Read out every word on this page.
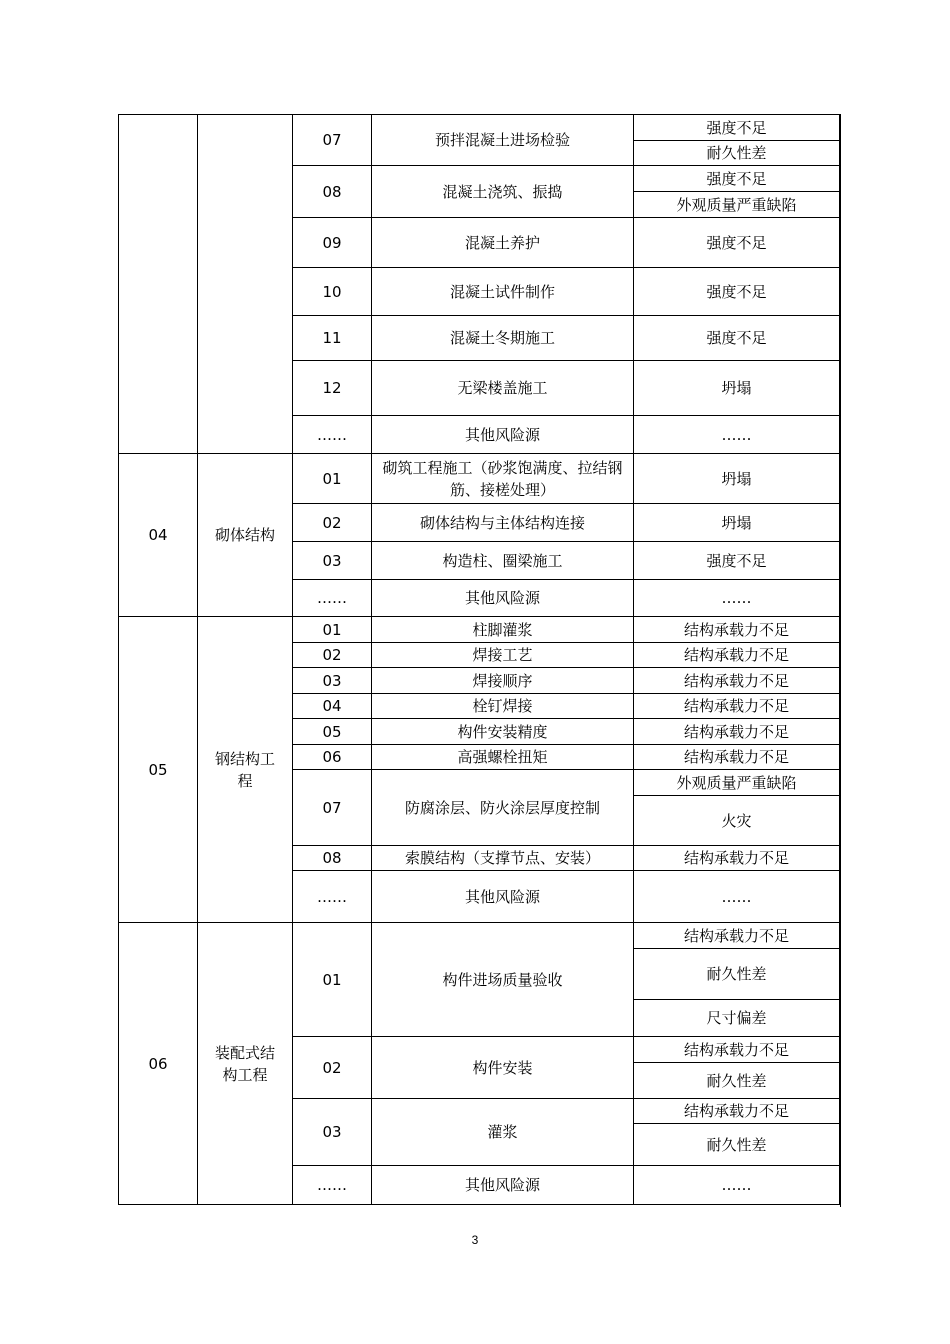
		07	预拌混凝土进场检验	强度不足
				耐久性差
		08	混凝土浇筑、振捣	强度不足
				外观质量严重缺陷
		09	混凝土养护	强度不足
		10	混凝土试件制作	强度不足
		11	混凝土冬期施工	强度不足
		12	无梁楼盖施工	坍塌
		……	其他风险源	……
04	砌体结构	01	砌筑工程施工（砂浆饱满度、拉结钢筋、接槎处理）	坍塌
		02	砌体结构与主体结构连接	坍塌
		03	构造柱、圈梁施工	强度不足
		……	其他风险源	……
05	钢结构工程	01	柱脚灌浆	结构承载力不足
		02	焊接工艺	结构承载力不足
		03	焊接顺序	结构承载力不足
		04	栓钉焊接	结构承载力不足
		05	构件安装精度	结构承载力不足
		06	高强螺栓扭矩	结构承载力不足
		07	防腐涂层、防火涂层厚度控制	外观质量严重缺陷
				火灾
		08	索膜结构（支撑节点、安装）	结构承载力不足
		……	其他风险源	……
06	装配式结构工程	01	构件进场质量验收	结构承载力不足
				耐久性差
				尺寸偏差
		02	构件安装	结构承载力不足
				耐久性差
		03	灌浆	结构承载力不足
				耐久性差
		……	其他风险源	……
3
